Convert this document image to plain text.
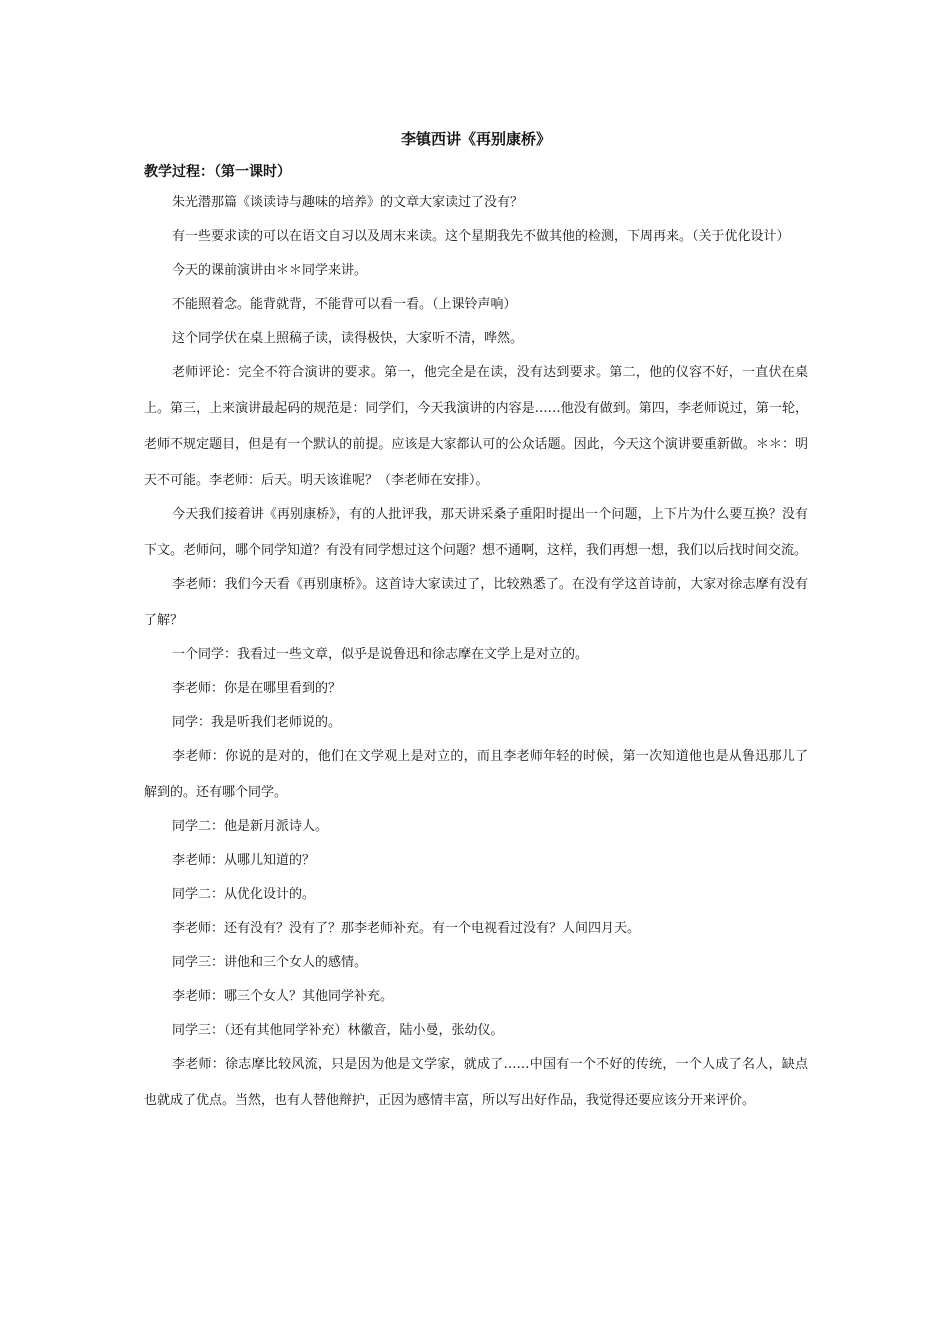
李镇西讲《再别康桥》
教学过程：（第一课时）

朱光潜那篇《谈读诗与趣味的培养》的文章大家读过了没有？

有一些要求读的可以在语文自习以及周末来读。这个星期我先不做其他的检测，下周再来。（关于优化设计）

今天的课前演讲由＊＊同学来讲。

不能照着念。能背就背，不能背可以看一看。（上课铃声响）

这个同学伏在桌上照稿子读，读得极快，大家听不清，哗然。

老师评论：完全不符合演讲的要求。第一，他完全是在读，没有达到要求。第二，他的仪容不好，一直伏在桌上。第三，上来演讲最起码的规范是：同学们，今天我演讲的内容是……他没有做到。第四，李老师说过，第一轮，老师不规定题目，但是有一个默认的前提。应该是大家都认可的公众话题。因此，今天这个演讲要重新做。＊＊：明天不可能。李老师：后天。明天该谁呢？（李老师在安排）。

今天我们接着讲《再别康桥》，有的人批评我，那天讲采桑子重阳时提出一个问题，上下片为什么要互换？没有下文。老师问，哪个同学知道？有没有同学想过这个问题？想不通啊，这样，我们再想一想，我们以后找时间交流。

李老师：我们今天看《再别康桥》。这首诗大家读过了，比较熟悉了。在没有学这首诗前，大家对徐志摩有没有了解？

一个同学：我看过一些文章，似乎是说鲁迅和徐志摩在文学上是对立的。

李老师：你是在哪里看到的？

同学：我是听我们老师说的。

李老师：你说的是对的，他们在文学观上是对立的，而且李老师年轻的时候，第一次知道他也是从鲁迅那儿了解到的。还有哪个同学。

同学二：他是新月派诗人。

李老师：从哪儿知道的？

同学二：从优化设计的。

李老师：还有没有？没有了？那李老师补充。有一个电视看过没有？人间四月天。

同学三：讲他和三个女人的感情。

李老师：哪三个女人？其他同学补充。

同学三：（还有其他同学补充）林徽音，陆小曼，张幼仪。

李老师：徐志摩比较风流，只是因为他是文学家，就成了……中国有一个不好的传统，一个人成了名人，缺点也就成了优点。当然，也有人替他辩护，正因为感情丰富，所以写出好作品，我觉得还要应该分开来评价。
